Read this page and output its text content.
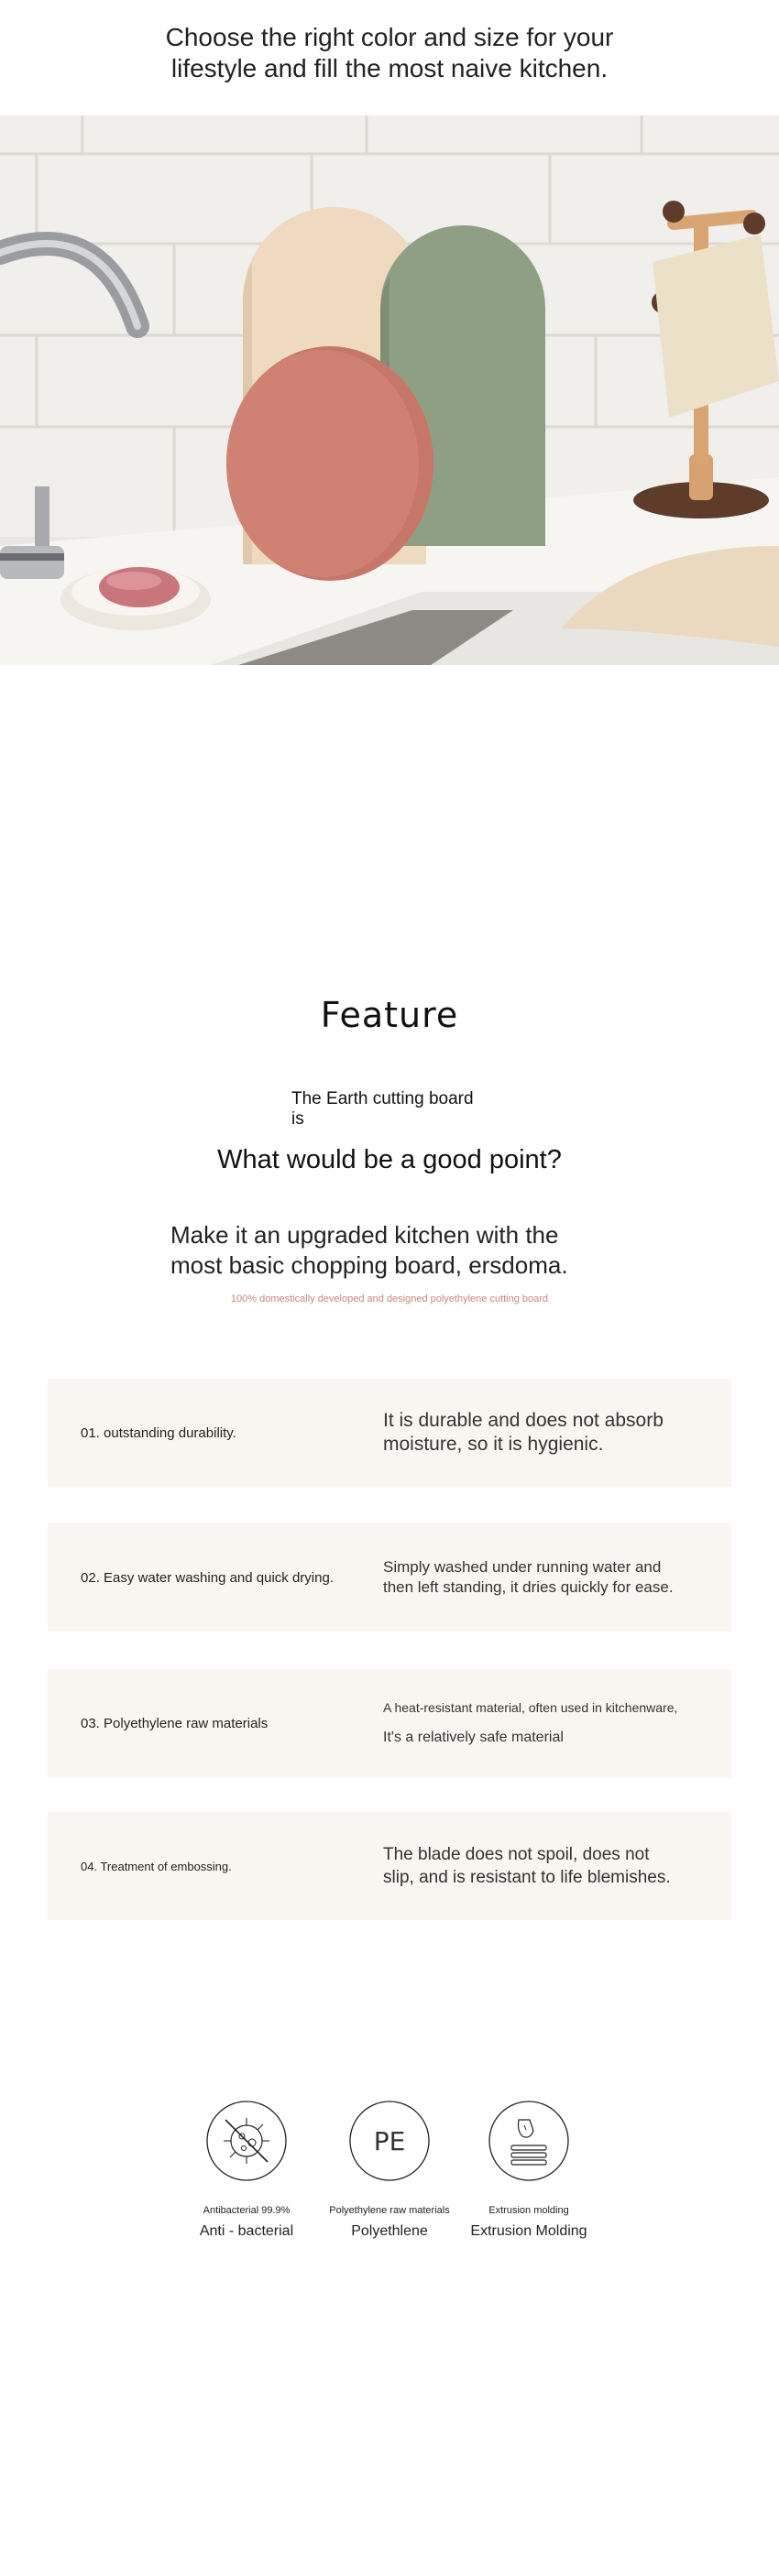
Choose the right color and size for your
lifestyle and fill the most naive kitchen.
Feature
The Earth cutting board
is
What would be a good point?
Make it an upgraded kitchen with the
most basic chopping board, ersdoma.
100% domestically developed and designed polyethylene cutting board
01. outstanding durability.
It is durable and does not absorb
moisture, so it is hygienic.
02. Easy water washing and quick drying.
Simply washed under running water and
then left standing, it dries quickly for ease.
03. Polyethylene raw materials
A heat-resistant material, often used in kitchenware,
It's a relatively safe material
04. Treatment of embossing.
The blade does not spoil, does not
slip, and is resistant to life blemishes.
Antibacterial 99.9%
Anti - bacterial
PE
Polyethylene raw materials
Polyethlene
Extrusion molding
Extrusion Molding
